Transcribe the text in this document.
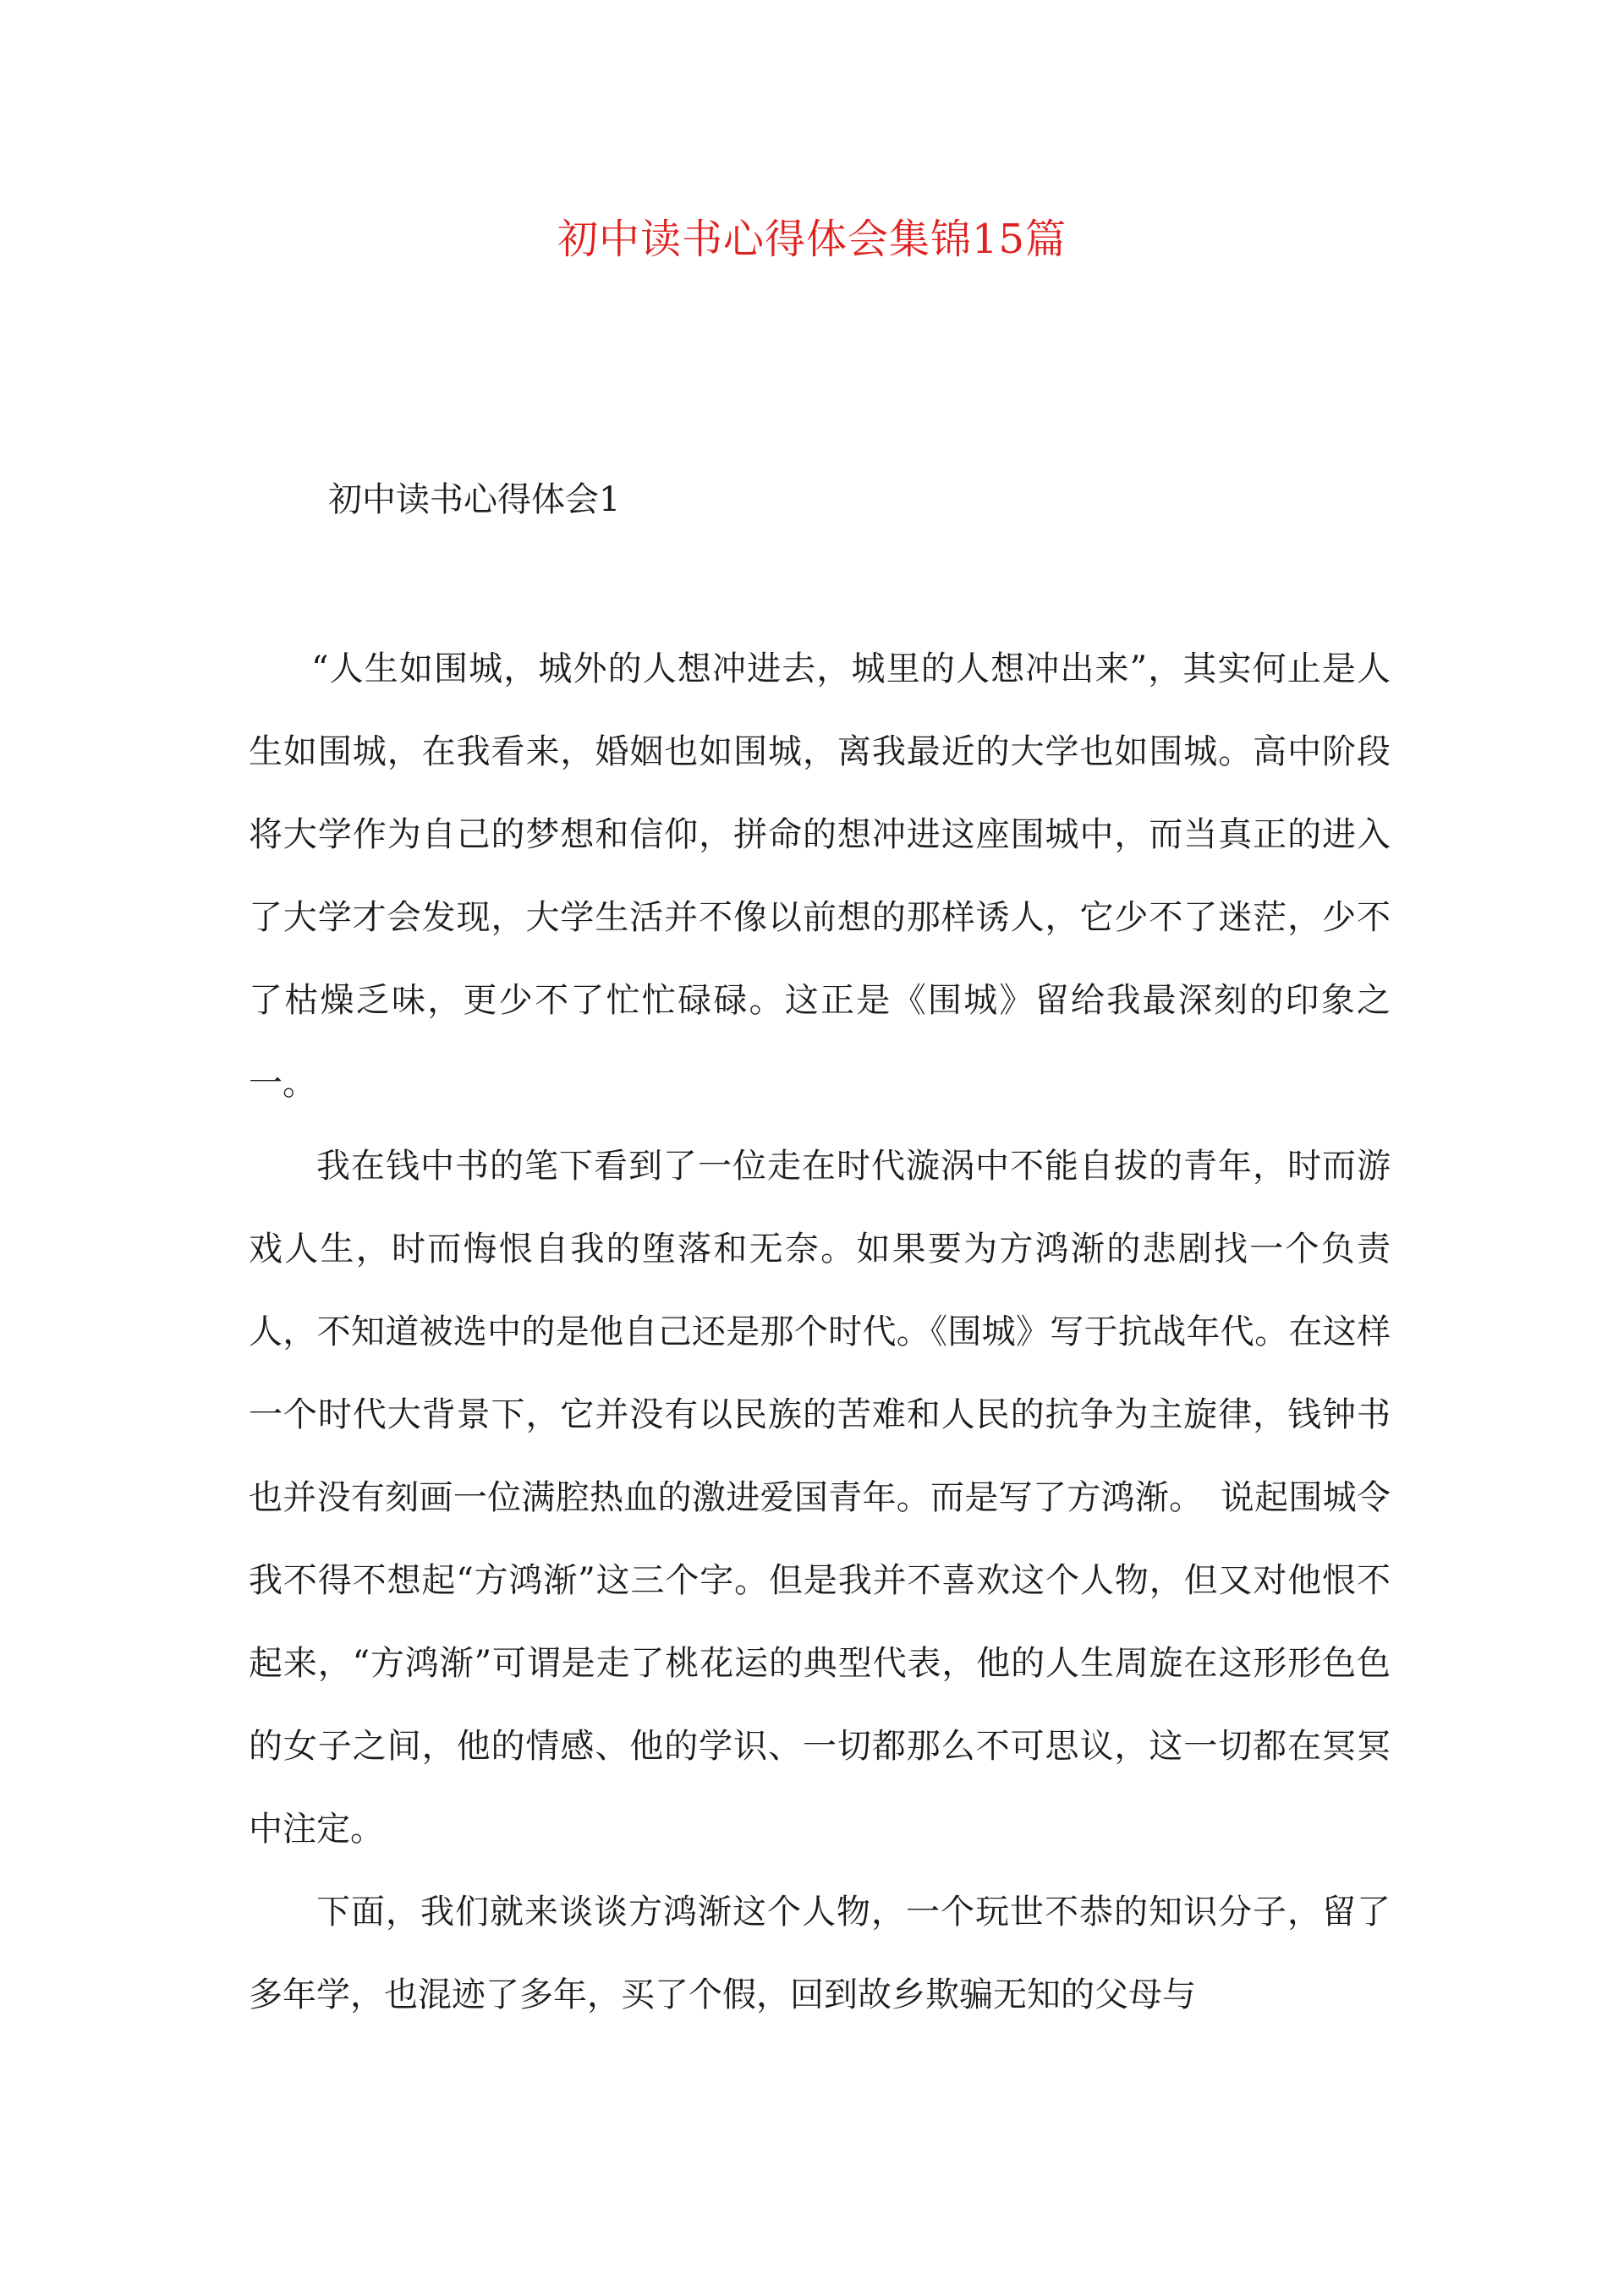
初中读书心得体会集锦15篇
初中读书心得体会1

“人生如围城，城外的人想冲进去，城里的人想冲出来”，其实何止是人生如围城，在我看来，婚姻也如围城，离我最近的大学也如围城。高中阶段将大学作为自己的梦想和信仰，拼命的想冲进这座围城中，而当真正的进入了大学才会发现，大学生活并不像以前想的那样诱人，它少不了迷茫，少不了枯燥乏味，更少不了忙忙碌碌。这正是《围城》留给我最深刻的印象之一。

我在钱中书的笔下看到了一位走在时代漩涡中不能自拔的青年，时而游戏人生，时而悔恨自我的堕落和无奈。如果要为方鸿渐的悲剧找一个负责人，不知道被选中的是他自己还是那个时代。《围城》写于抗战年代。在这样一个时代大背景下，它并没有以民族的苦难和人民的抗争为主旋律，钱钟书也并没有刻画一位满腔热血的激进爱国青年。而是写了方鸿渐。　说起围城令我不得不想起“方鸿渐”这三个字。但是我并不喜欢这个人物，但又对他恨不起来，“方鸿渐”可谓是走了桃花运的典型代表，他的人生周旋在这形形色色的女子之间，他的情感、他的学识、一切都那么不可思议，这一切都在冥冥中注定。

下面，我们就来谈谈方鸿渐这个人物，一个玩世不恭的知识分子，留了多年学，也混迹了多年，买了个假，回到故乡欺骗无知的父母与
